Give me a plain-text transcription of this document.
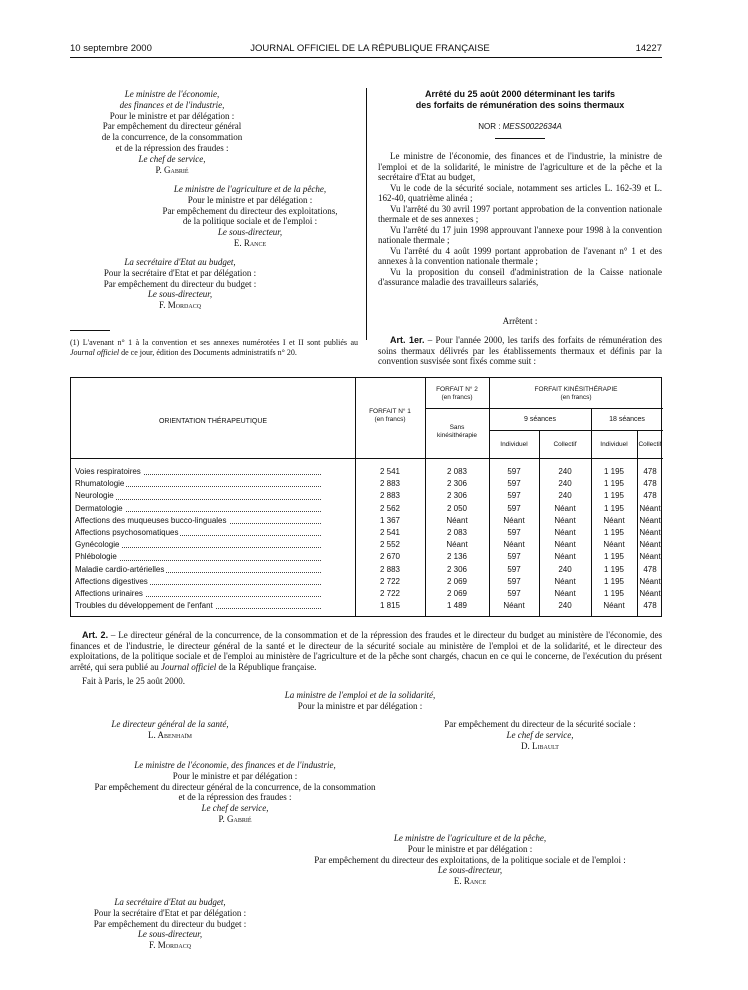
10 septembre 2000	JOURNAL OFFICIEL DE LA RÉPUBLIQUE FRANÇAISE	14227
Le ministre de l'économie,
des finances et de l'industrie,
Pour le ministre et par délégation :
Par empêchement du directeur général
de la concurrence, de la consommation
et de la répression des fraudes :
Le chef de service,
P. Gabrié
Le ministre de l'agriculture et de la pêche,
Pour le ministre et par délégation :
Par empêchement du directeur des exploitations,
de la politique sociale et de l'emploi :
Le sous-directeur,
E. Rance
La secrétaire d'Etat au budget,
Pour la secrétaire d'Etat et par délégation :
Par empêchement du directeur du budget :
Le sous-directeur,
F. Mordacq
(1) L'avenant n° 1 à la convention et ses annexes numérotées I et II sont publiés au Journal officiel de ce jour, édition des Documents administratifs n° 20.
Arrêté du 25 août 2000 déterminant les tarifs
des forfaits de rémunération des soins thermaux
NOR : MESS0022634A

Le ministre de l'économie, des finances et de l'industrie, la ministre de l'emploi et de la solidarité, le ministre de l'agriculture et de la pêche et la secrétaire d'Etat au budget,

Vu le code de la sécurité sociale, notamment ses articles L. 162-39 et L. 162-40, quatrième alinéa ;

Vu l'arrêté du 30 avril 1997 portant approbation de la convention nationale thermale et de ses annexes ;

Vu l'arrêté du 17 juin 1998 approuvant l'annexe pour 1998 à la convention nationale thermale ;

Vu l'arrêté du 4 août 1999 portant approbation de l'avenant n° 1 et des annexes à la convention nationale thermale ;

Vu la proposition du conseil d'administration de la Caisse nationale d'assurance maladie des travailleurs salariés,

Arrêtent :

Art. 1er. – Pour l'année 2000, les tarifs des forfaits de rémunération des soins thermaux délivrés par les établissements thermaux et définis par la convention susvisée sont fixés comme suit :

ORIENTATION THÉRAPEUTIQUE
FORFAIT N° 1
(en francs)
FORFAIT N° 2
(en francs)
Sans
kinésithérapie
FORFAIT KINÉSITHÉRAPIE
(en francs)
9 séances	18 séances
Individuel	Collectif	Individuel	Collectif
Voies respiratoires	2 541	2 083	597	240	1 195	478
Rhumatologie	2 883	2 306	597	240	1 195	478
Neurologie	2 883	2 306	597	240	1 195	478
Dermatologie	2 562	2 050	597	Néant	1 195	Néant
Affections des muqueuses bucco-linguales	1 367	Néant	Néant	Néant	Néant	Néant
Affections psychosomatiques	2 541	2 083	597	Néant	1 195	Néant
Gynécologie	2 552	Néant	Néant	Néant	Néant	Néant
Phlébologie	2 670	2 136	597	Néant	1 195	Néant
Maladie cardio-artérielles	2 883	2 306	597	240	1 195	478
Affections digestives	2 722	2 069	597	Néant	1 195	Néant
Affections urinaires	2 722	2 069	597	Néant	1 195	Néant
Troubles du développement de l'enfant	1 815	1 489	Néant	240	Néant	478
Art. 2. – Le directeur général de la concurrence, de la consommation et de la répression des fraudes et le directeur du budget au ministère de l'économie, des finances et de l'industrie, le directeur général de la santé et le directeur de la sécurité sociale au ministère de l'emploi et de la solidarité, et le directeur des exploitations, de la politique sociale et de l'emploi au ministère de l'agriculture et de la pêche sont chargés, chacun en ce qui le concerne, de l'exécution du présent arrêté, qui sera publié au Journal officiel de la République française.
Fait à Paris, le 25 août 2000.
La ministre de l'emploi et de la solidarité,
Pour la ministre et par délégation :
Le directeur général de la santé,
L. Abenhaïm
Par empêchement du directeur de la sécurité sociale :
Le chef de service,
D. Libault
Le ministre de l'économie, des finances et de l'industrie,
Pour le ministre et par délégation :
Par empêchement du directeur général de la concurrence, de la consommation
et de la répression des fraudes :
Le chef de service,
P. Gabrié
Le ministre de l'agriculture et de la pêche,
Pour le ministre et par délégation :
Par empêchement du directeur des exploitations, de la politique sociale et de l'emploi :
Le sous-directeur,
E. Rance
La secrétaire d'Etat au budget,
Pour la secrétaire d'Etat et par délégation :
Par empêchement du directeur du budget :
Le sous-directeur,
F. Mordacq
